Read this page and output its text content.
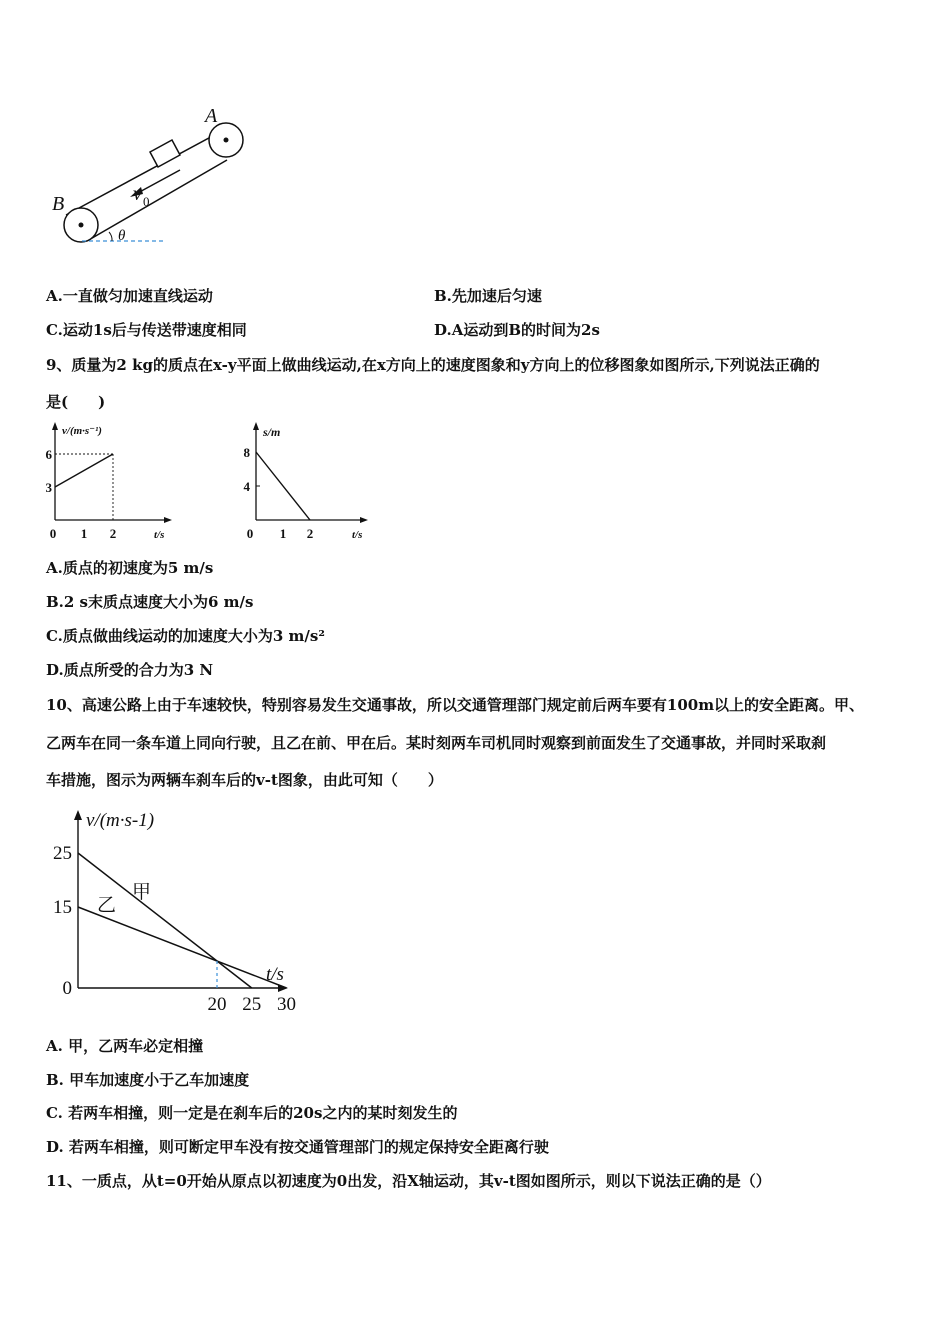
A
B	v 0
θ
A.一直做匀加速直线运动	B.先加速后匀速
C.运动1s后与传送带速度相同	D.A运动到B的时间为2s
9、质量为2 kg的质点在x-y平面上做曲线运动,在x方向上的速度图象和y方向上的位移图象如图所示,下列说法正确的
是(　　)
v/(m·s⁻¹)
t/s
3
6
0 1 2
s/m
t/s
4
8
0 1 2
A.质点的初速度为5 m/s
B.2 s末质点速度大小为6 m/s
C.质点做曲线运动的加速度大小为3 m/s²
D.质点所受的合力为3 N
10、高速公路上由于车速较快，特别容易发生交通事故，所以交通管理部门规定前后两车要有100m以上的安全距离。甲、
乙两车在同一条车道上同向行驶，且乙在前、甲在后。某时刻两车司机同时观察到前面发生了交通事故，并同时采取刹
车措施，图示为两辆车刹车后的v-t图象，由此可知（　　）
v/(m·s-1)
t/s
甲
乙
0
15
25
20 25 30
A. 甲，乙两车必定相撞
B. 甲车加速度小于乙车加速度
C. 若两车相撞，则一定是在刹车后的20s之内的某时刻发生的
D. 若两车相撞，则可断定甲车没有按交通管理部门的规定保持安全距离行驶
11、一质点，从t=0开始从原点以初速度为0出发，沿X轴运动，其v-t图如图所示，则以下说法正确的是（）
